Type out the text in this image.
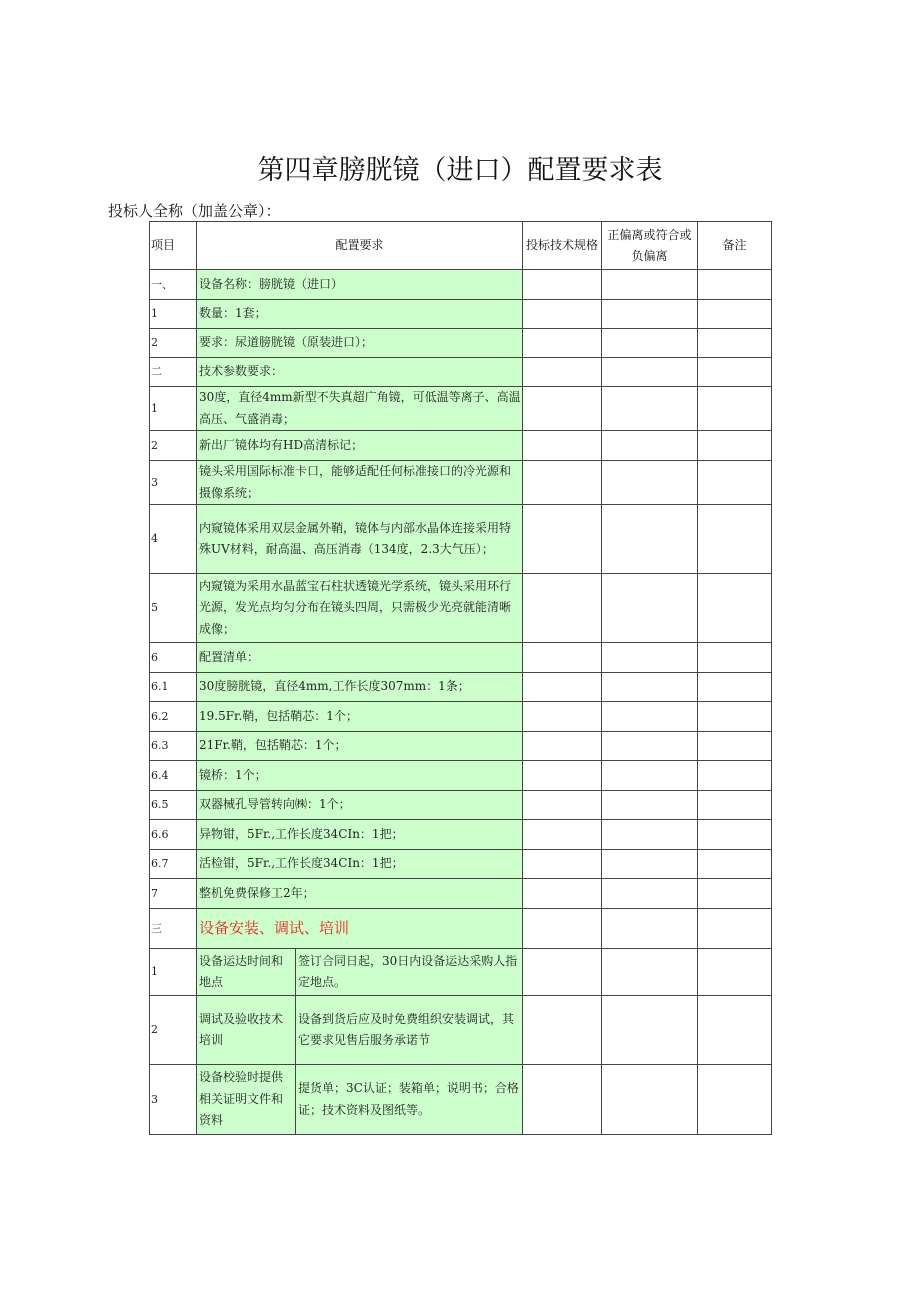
第四章膀胱镜（进口）配置要求表
投标人全称（加盖公章）：
项目	配置要求		投标技术规格	正偏离或符合或负偏离	备注
一、	设备名称：膀胱镜（进口）				
1	数量：1套；				
2	要求：尿道膀胱镜（原装进口）；				
二	技术参数要求：				
1	30度，直径4mm新型不失真超广角镜，可低温等离子、高温高压、气盛消毒；				
2	新出厂镜体均有HD高清标记；				
3	镜头采用国际标准卡口，能够适配任何标准接口的冷光源和摄像系统；				
4	内窥镜体采用双层金属外鞘，镜体与内部水晶体连接采用特殊UV材料，耐高温、高压消毒（134度，2.3大气压）；				
5	内窥镜为采用水晶蓝宝石柱状透镜光学系统，镜头采用环行光源，发光点均匀分布在镜头四周，只需极少光亮就能清晰成像；				
6	配置清单：				
6.1	30度膀胱镜，直径4mm,工作长度307mm：1条；				
6.2	19.5Fr.鞘，包括鞘芯：1个；				
6.3	21Fr.鞘，包括鞘芯：1个；				
6.4	镜桥：1个；				
6.5	双器械孔导管转向㈱：1个；				
6.6	异物钳，5Fr.,工作长度34CIn：1把；				
6.7	活检钳，5Fr.,工作长度34CIn：1把；				
7	整机免费保修工2年；				
三	设备安装、调试、培训				
1	设备运达时间和地点	签订合同日起，30日内设备运达采购人指定地点。			
2	调试及验收技术培训	设备到货后应及时免费组织安装调试，其它要求见售后服务承诺节			
3	设备校验时提供相关证明文件和资料	提货单；3C认证；装箱单；说明书；合格证；技术资料及图纸等。			
